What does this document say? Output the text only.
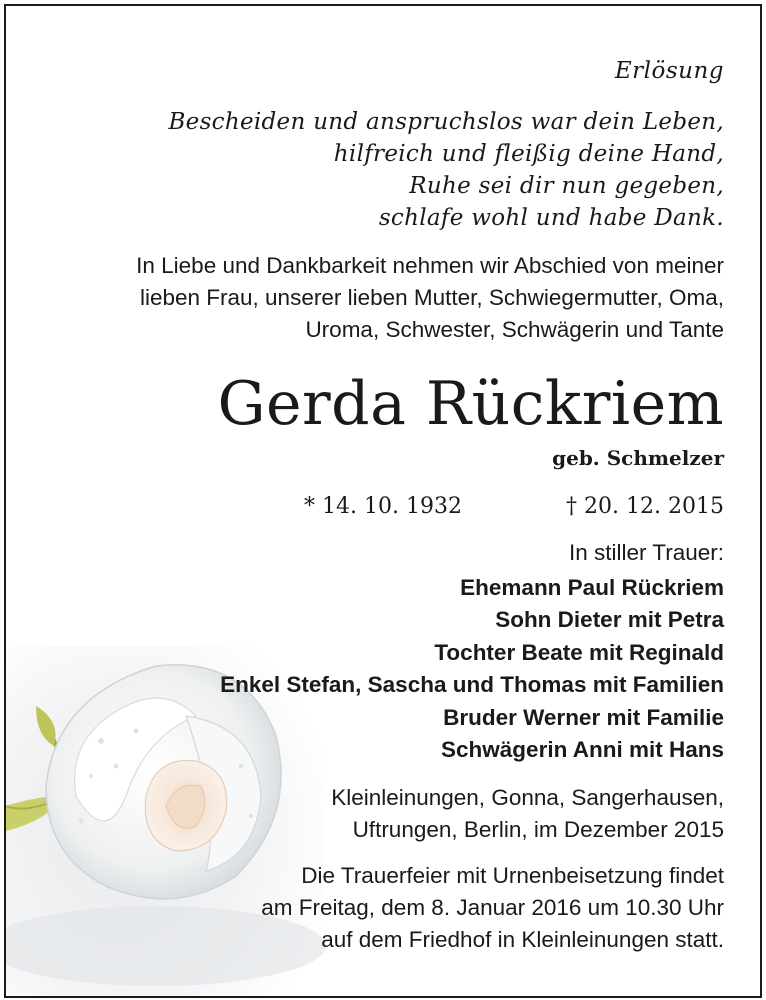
Erlösung
Bescheiden und anspruchslos war dein Leben,
hilfreich und fleißig deine Hand,
Ruhe sei dir nun gegeben,
schlafe wohl und habe Dank.
In Liebe und Dankbarkeit nehmen wir Abschied von meiner
lieben Frau, unserer lieben Mutter, Schwiegermutter, Oma,
Uroma, Schwester, Schwägerin und Tante
Gerda Rückriem
geb. Schmelzer
* 14. 10. 1932	† 20. 12. 2015
In stiller Trauer:
Ehemann Paul Rückriem
Sohn Dieter mit Petra
Tochter Beate mit Reginald
Enkel Stefan, Sascha und Thomas mit Familien
Bruder Werner mit Familie
Schwägerin Anni mit Hans
Kleinleinungen, Gonna, Sangerhausen,
Uftrungen, Berlin, im Dezember 2015
Die Trauerfeier mit Urnenbeisetzung findet
am Freitag, dem 8. Januar 2016 um 10.30 Uhr
auf dem Friedhof in Kleinleinungen statt.
